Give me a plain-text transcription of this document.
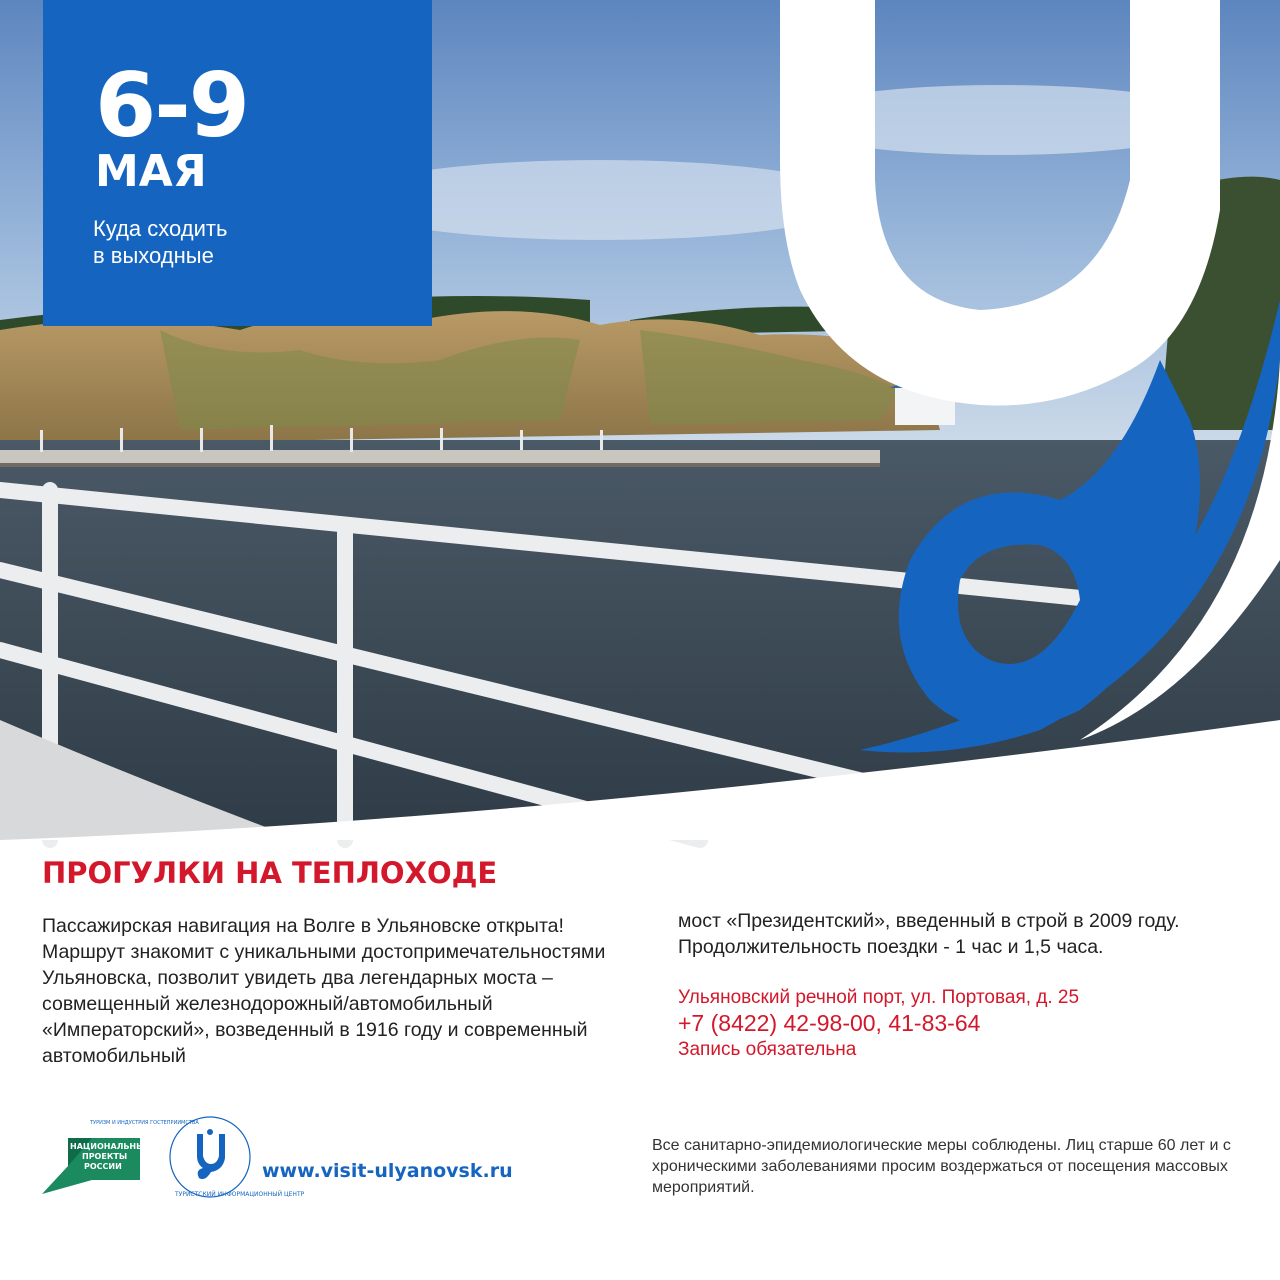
6-9

МАЯ

Куда сходить
в выходные

ПРОГУЛКИ НА ТЕПЛОХОДЕ

Пассажирская навигация на Волге в Ульяновске открыта! Маршрут знакомит с уникальными достопримечательностями Ульяновска, позволит увидеть два легендарных моста – совмещенный железнодорожный/автомобильный «Императорский», возведенный в 1916 году и современный автомобильный

мост «Президентский», введенный в строй в 2009 году. Продолжительность поездки - 1 час и 1,5 часа.

Ульяновский речной порт, ул. Портовая, д. 25
+7 (8422) 42-98-00, 41-83-64
Запись обязательна
ТУРИЗМ И ИНДУСТРИЯ ГОСТЕПРИИМСТВА
НАЦИОНАЛЬНЫЕ
ПРОЕКТЫ
РОССИИ
ТУРИСТСКИЙ ИНФОРМАЦИОННЫЙ ЦЕНТР
www.visit-ulyanovsk.ru

Все санитарно-эпидемиологические меры соблюдены. Лиц старше 60 лет и с хроническими заболеваниями просим воздержаться от посещения массовых мероприятий.
